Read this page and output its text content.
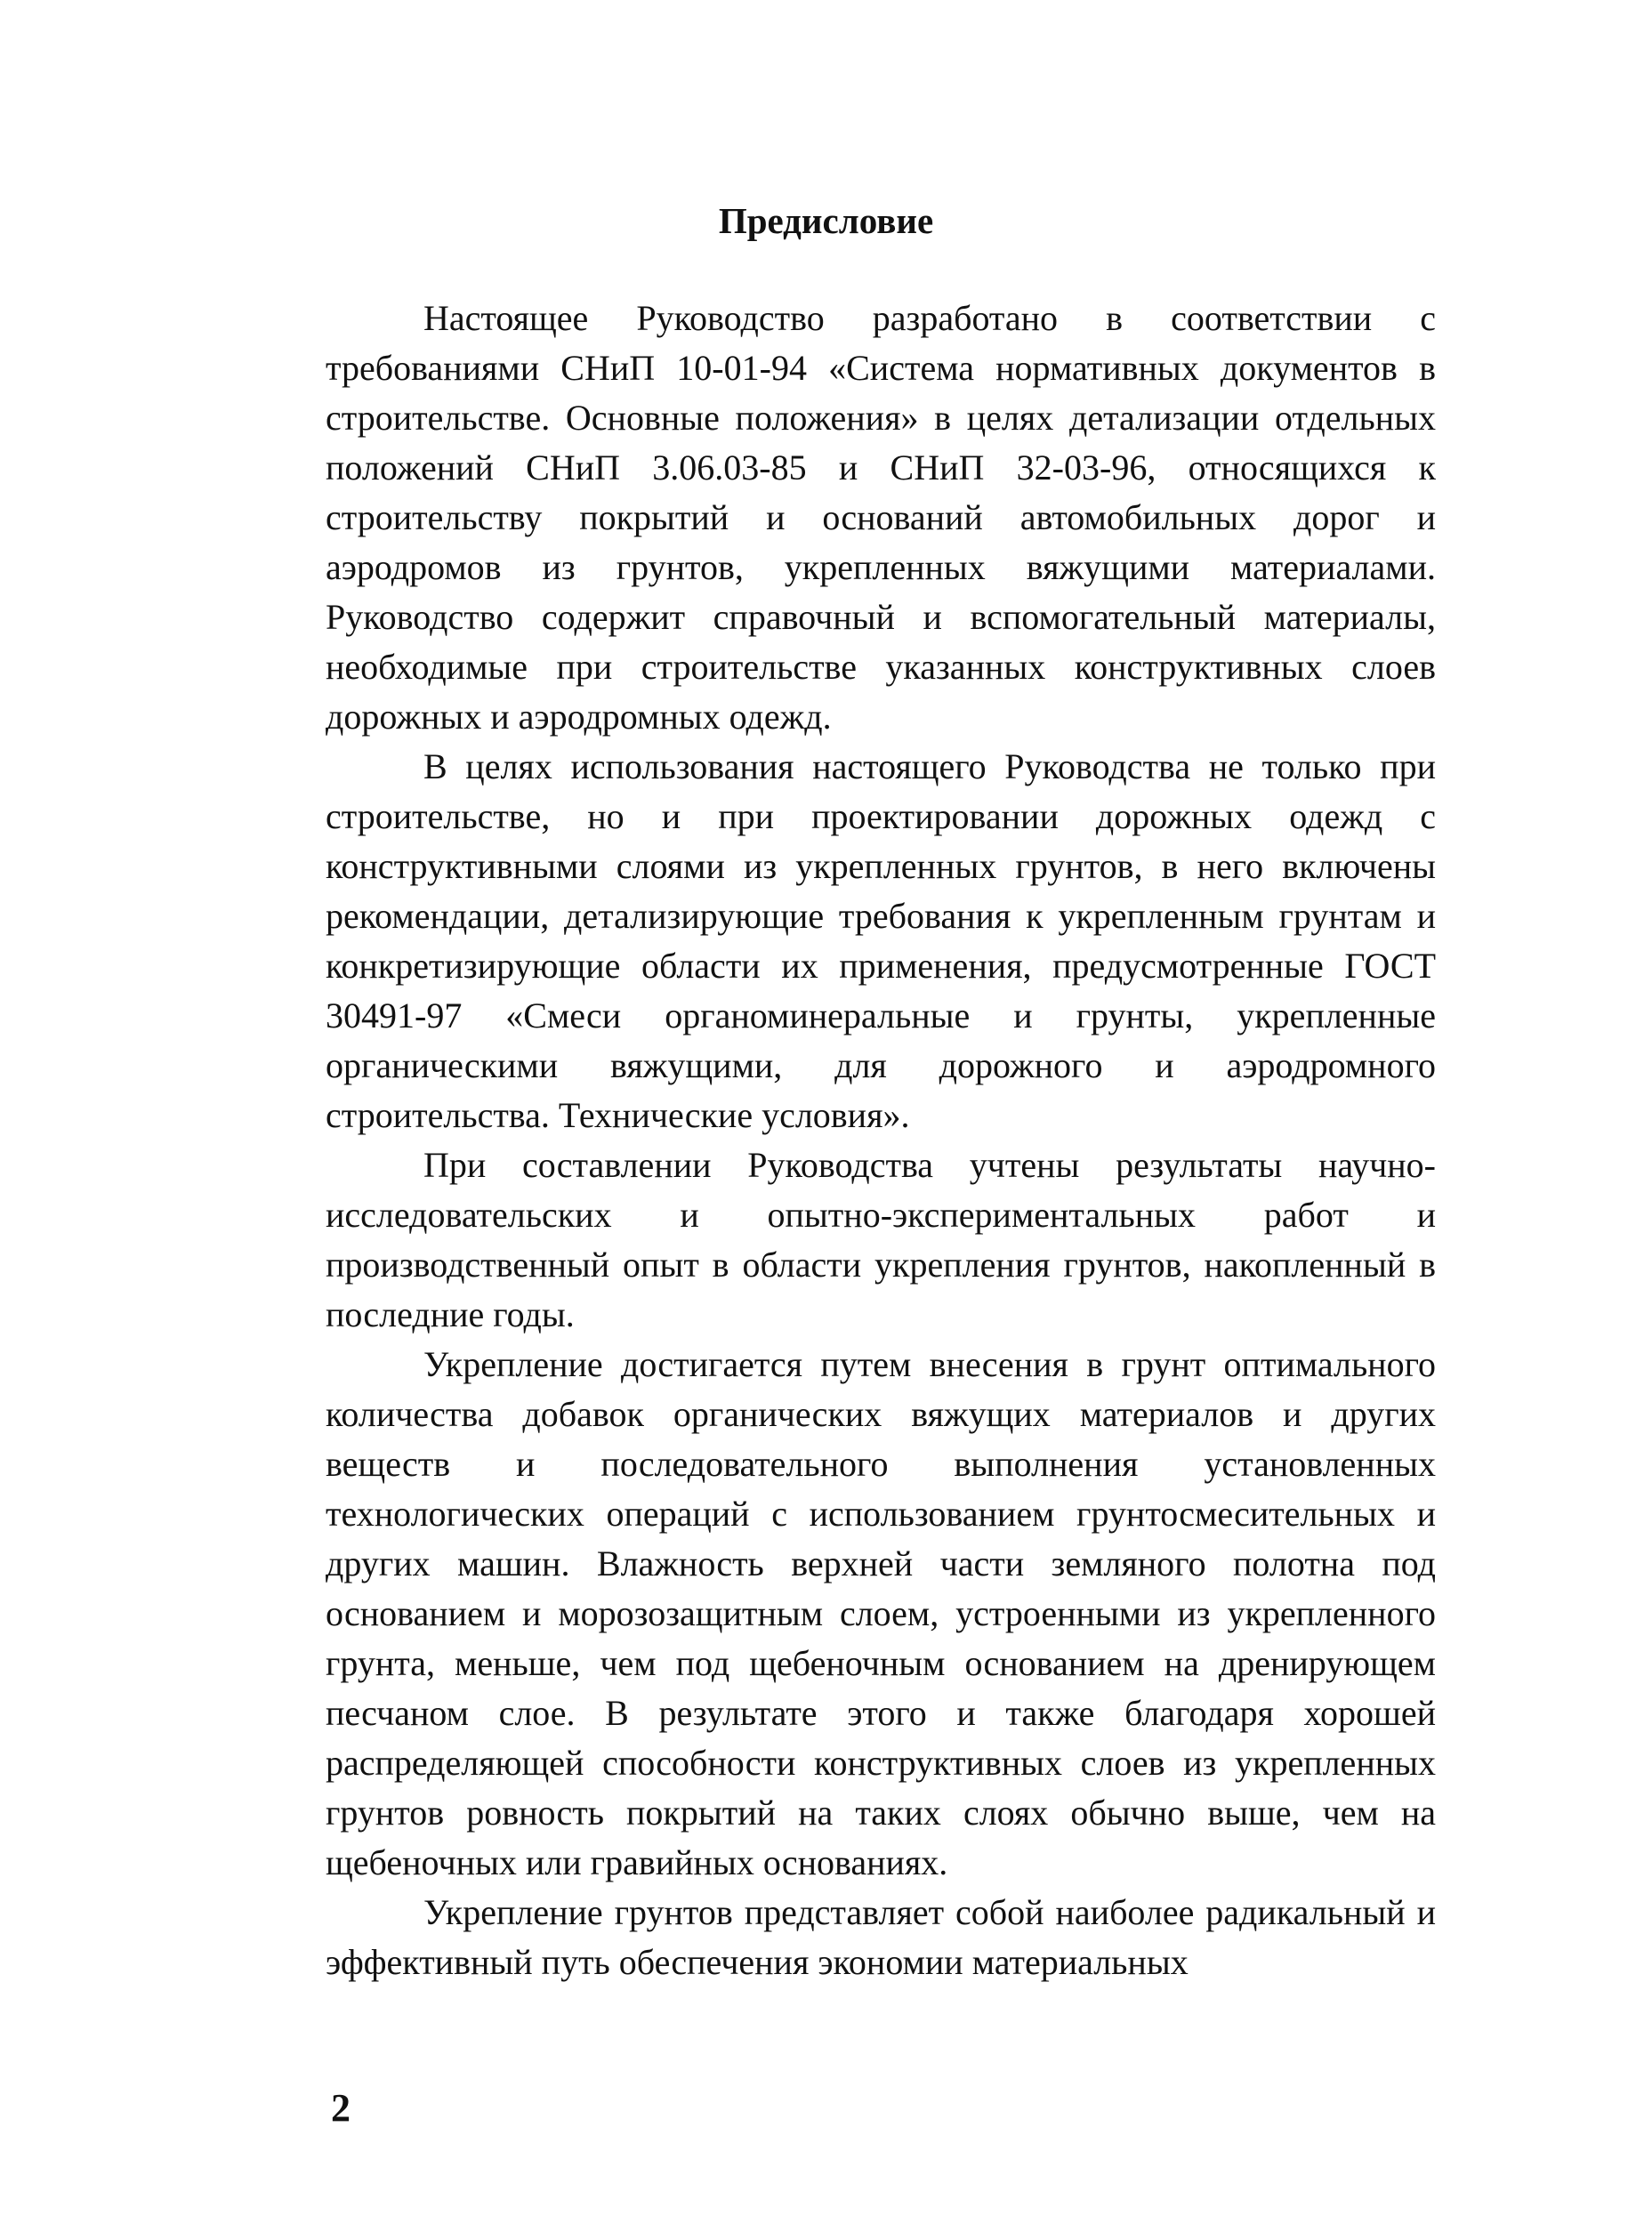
Предисловие

Настоящее Руководство разработано в соответствии с требованиями СНиП 10-01-94 «Система нормативных документов в строительстве. Основные положения» в целях детализации отдельных положений СНиП 3.06.03-85 и СНиП 32-03-96, относящихся к строительству покрытий и оснований автомобильных дорог и аэродромов из грунтов, укрепленных вяжущими материалами. Руководство содержит справочный и вспомогательный материалы, необходимые при строительстве указанных конструктивных слоев дорожных и аэродромных одежд.

В целях использования настоящего Руководства не только при строительстве, но и при проектировании дорожных одежд с конструктивными слоями из укрепленных грунтов, в него включены рекомендации, детализирующие требования к укрепленным грунтам и конкретизирующие области их применения, предусмотренные ГОСТ 30491-97 «Смеси органоминеральные и грунты, укрепленные органическими вяжущими, для дорожного и аэродромного строительства. Технические условия».

При составлении Руководства учтены результаты научно-исследовательских и опытно-экспериментальных работ и производственный опыт в области укрепления грунтов, накопленный в последние годы.

Укрепление достигается путем внесения в грунт оптимального количества добавок органических вяжущих материалов и других веществ и последовательного выполнения установленных технологических операций с использованием грунтосмесительных и других машин. Влажность верхней части земляного полотна под основанием и морозозащитным слоем, устроенными из укрепленного грунта, меньше, чем под щебеночным основанием на дренирующем песчаном слое. В результате этого и также благодаря хорошей распределяющей способности конструктивных слоев из укрепленных грунтов ровность покрытий на таких слоях обычно выше, чем на щебеночных или гравийных основаниях.

Укрепление грунтов представляет собой наиболее радикальный и эффективный путь обеспечения экономии материальных

2
